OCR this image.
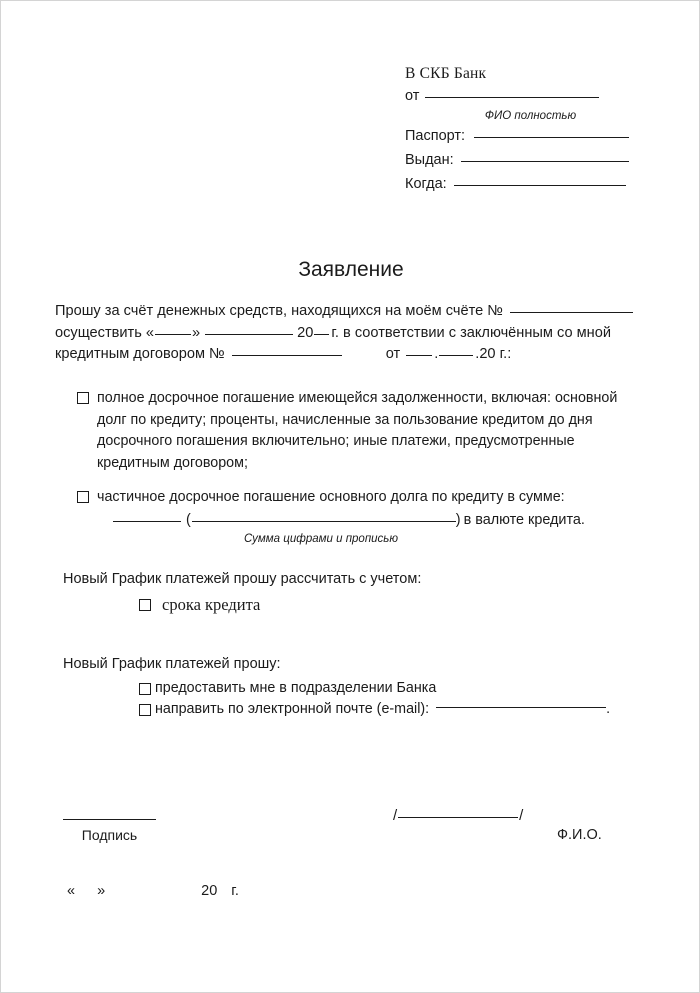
В СКБ Банк
от
ФИО полностью
Паспорт:
Выдан:
Когда:
Заявление
Прошу за счёт денежных средств, находящихся на моём счёте №
осуществить «	»	20 г. в соответствии с заключённым со мной
кредитным договором №	от .	.20 г.:
полное досрочное погашение имеющейся задолженности, включая: основной долг по кредиту; проценты, начисленные за пользование кредитом до дня досрочного погашения включительно; иные платежи, предусмотренные кредитным договором;
частичное досрочное погашение основного долга по кредиту в сумме:
(	) в валюте кредита.
Сумма цифрами и прописью
Новый График платежей прошу рассчитать с учетом:
срока кредита
Новый График платежей прошу:
предоставить мне в подразделении Банка
направить по электронной почте (e-mail):	.
Подпись
/	/
Ф.И.О.
« »	20 г.
